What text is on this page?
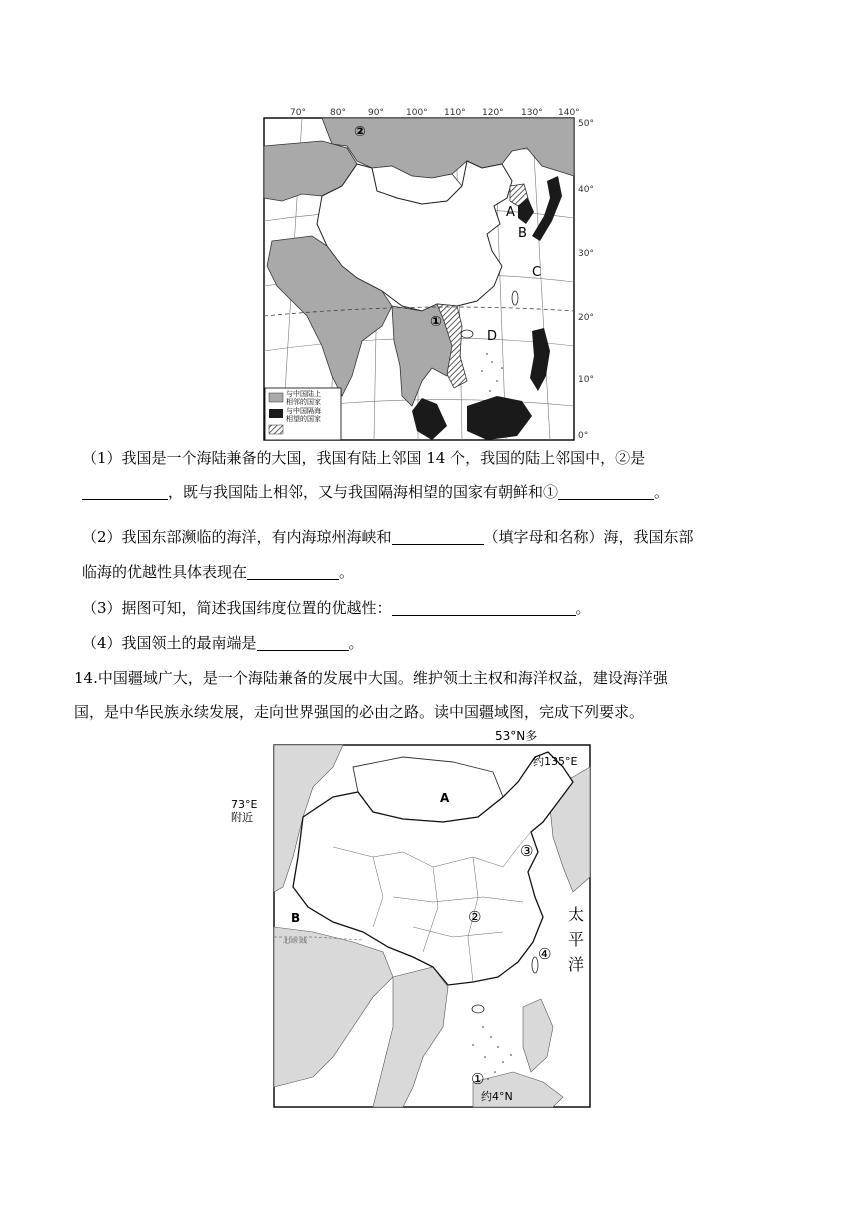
70°	80° 90° 100° 110° 120° 130° 140°
50°
40°
30°
20°
10°
0°
②
①
A
B
C
D
与中国陆上
相邻的国家
与中国隔海
相望的国家
（1）我国是一个海陆兼备的大国，我国有陆上邻国 14 个，我国的陆上邻国中，②是
，既与我国陆上相邻，又与我国隔海相望的国家有朝鲜和①	。
（2）我国东部濒临的海洋，有内海琼州海峡和	（填字母和名称）海，我国东部
临海的优越性具体表现在	。
（3）据图可知，简述我国纬度位置的优越性：	。
（4）我国领土的最南端是	。
14.中国疆域广大，是一个海陆兼备的发展中大国。维护领土主权和海洋权益，建设海洋强
国，是中华民族永续发展，走向世界强国的必由之路。读中国疆域图，完成下列要求。
53°N多
北回归线
A
B
③
②
④
①
太
平
洋
约135°E
约4°N
73°E
附近
